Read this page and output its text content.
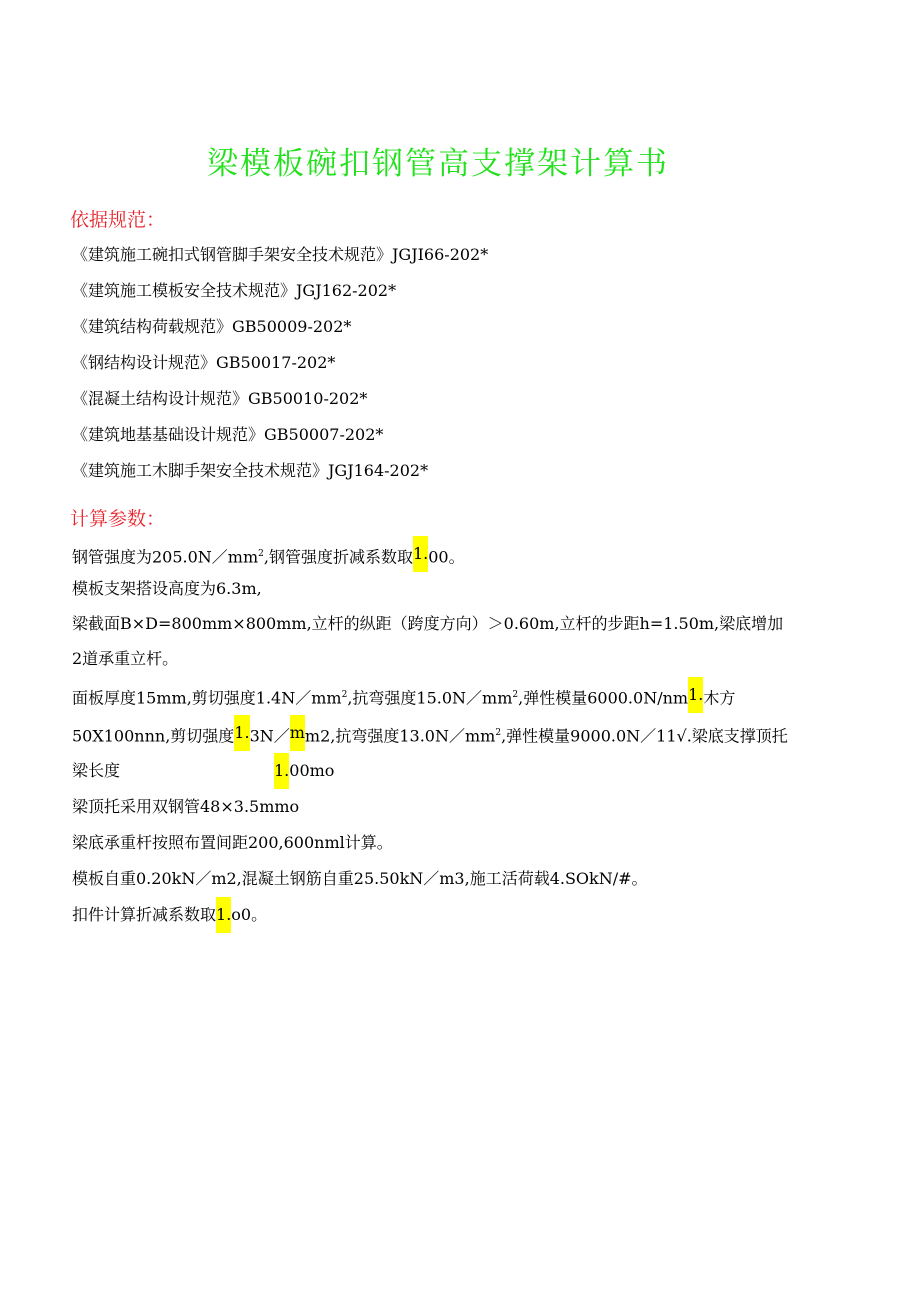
梁模板碗扣钢管高支撑架计算书
依据规范：
《建筑施工碗扣式钢管脚手架安全技术规范》JGJI66-202*
《建筑施工模板安全技术规范》JGJ162-202*
《建筑结构荷载规范》GB50009-202*
《钢结构设计规范》GB50017-202*
《混凝土结构设计规范》GB50010-202*
《建筑地基基础设计规范》GB50007-202*
《建筑施工木脚手架安全技术规范》JGJ164-202*
计算参数：
钢管强度为$205.0N/mm^2$,钢管强度折减系数取1.00。
模板支架搭设高度为6.3m,
梁截面B×D=800mm×800mm,立杆的纵距（跨度方向）＞0.60m,立杆的步距h=1.50m,梁底增加
2道承重立杆。
面板厚度15mm,剪切强度$1.4N/mm^2$,抗弯强度$15.0N/mm^2$,弹性模量6000.0N/nm1.木方
50X100nnn,剪切强度1.3N／mm2,抗弯强度$13.0N/mm^2$,弹性模量9000.0N／11√.梁底支撑顶托
梁长度	1.00mo
梁顶托采用双钢管48×3.5mmo
梁底承重杆按照布置间距200,600nml计算。
模板自重0.20kN／m2,混凝土钢筋自重25.50kN／m3,施工活荷载4.SOkN/#。
扣件计算折减系数取1.o0。
